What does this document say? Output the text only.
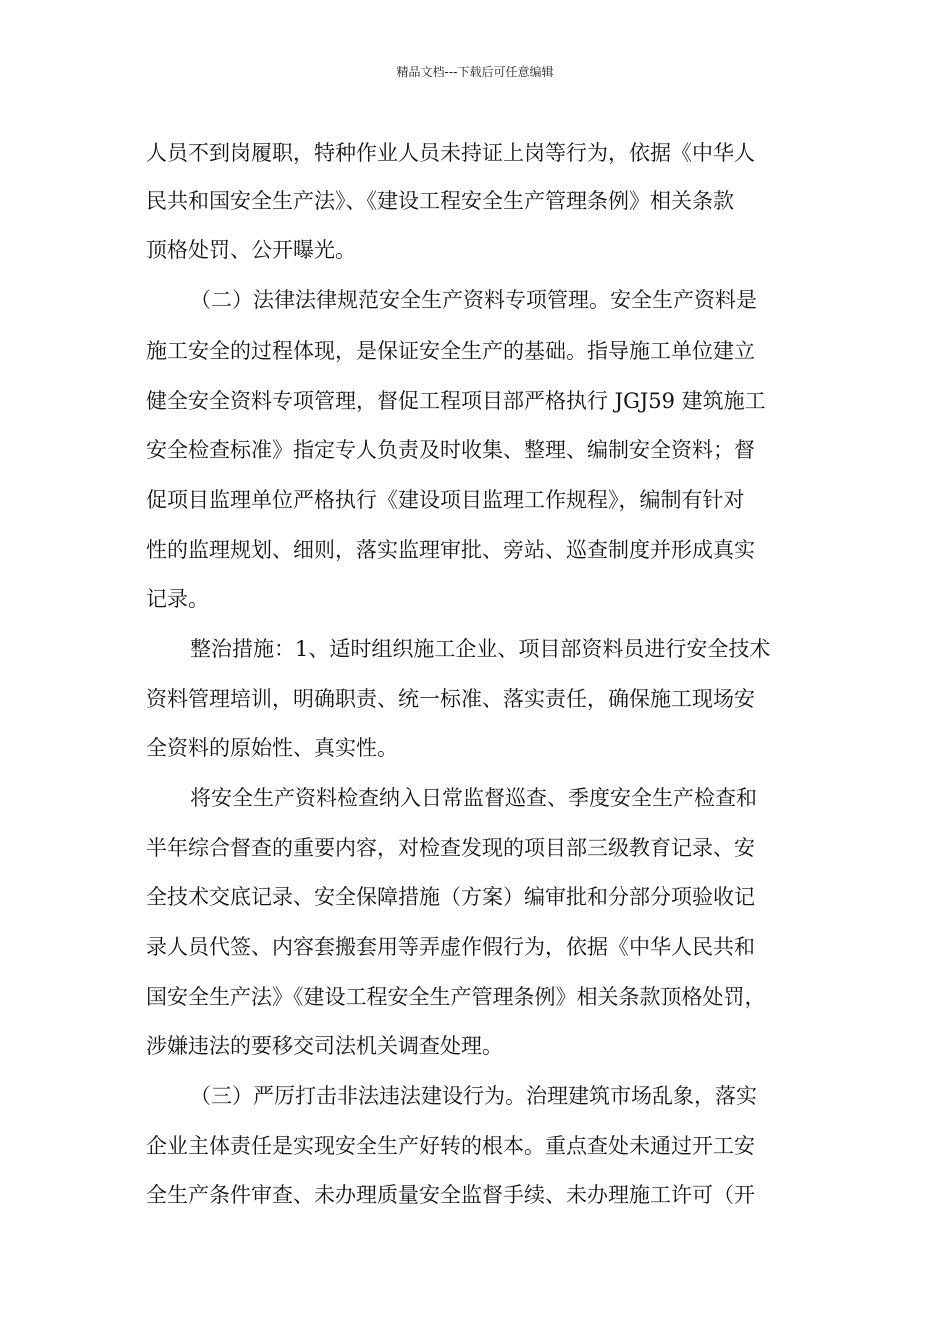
精品文档---下载后可任意编辑
人员不到岗履职，特种作业人员未持证上岗等行为，依据《中华人
民共和国安全生产法》、《建设工程安全生产管理条例》相关条款
顶格处罚、公开曝光。
（二）法律法律规范安全生产资料专项管理。安全生产资料是
施工安全的过程体现，是保证安全生产的基础。指导施工单位建立
健全安全资料专项管理，督促工程项目部严格执行 JGJ59 建筑施工
安全检查标准》指定专人负责及时收集、整理、编制安全资料；督
促项目监理单位严格执行《建设项目监理工作规程》，编制有针对
性的监理规划、细则，落实监理审批、旁站、巡查制度并形成真实
记录。
整治措施：1、适时组织施工企业、项目部资料员进行安全技术
资料管理培训，明确职责、统一标准、落实责任，确保施工现场安
全资料的原始性、真实性。
将安全生产资料检查纳入日常监督巡查、季度安全生产检查和
半年综合督查的重要内容，对检查发现的项目部三级教育记录、安
全技术交底记录、安全保障措施（方案）编审批和分部分项验收记
录人员代签、内容套搬套用等弄虚作假行为，依据《中华人民共和
国安全生产法》《建设工程安全生产管理条例》相关条款顶格处罚，
涉嫌违法的要移交司法机关调查处理。
（三）严厉打击非法违法建设行为。治理建筑市场乱象，落实
企业主体责任是实现安全生产好转的根本。重点查处未通过开工安
全生产条件审查、未办理质量安全监督手续、未办理施工许可（开
